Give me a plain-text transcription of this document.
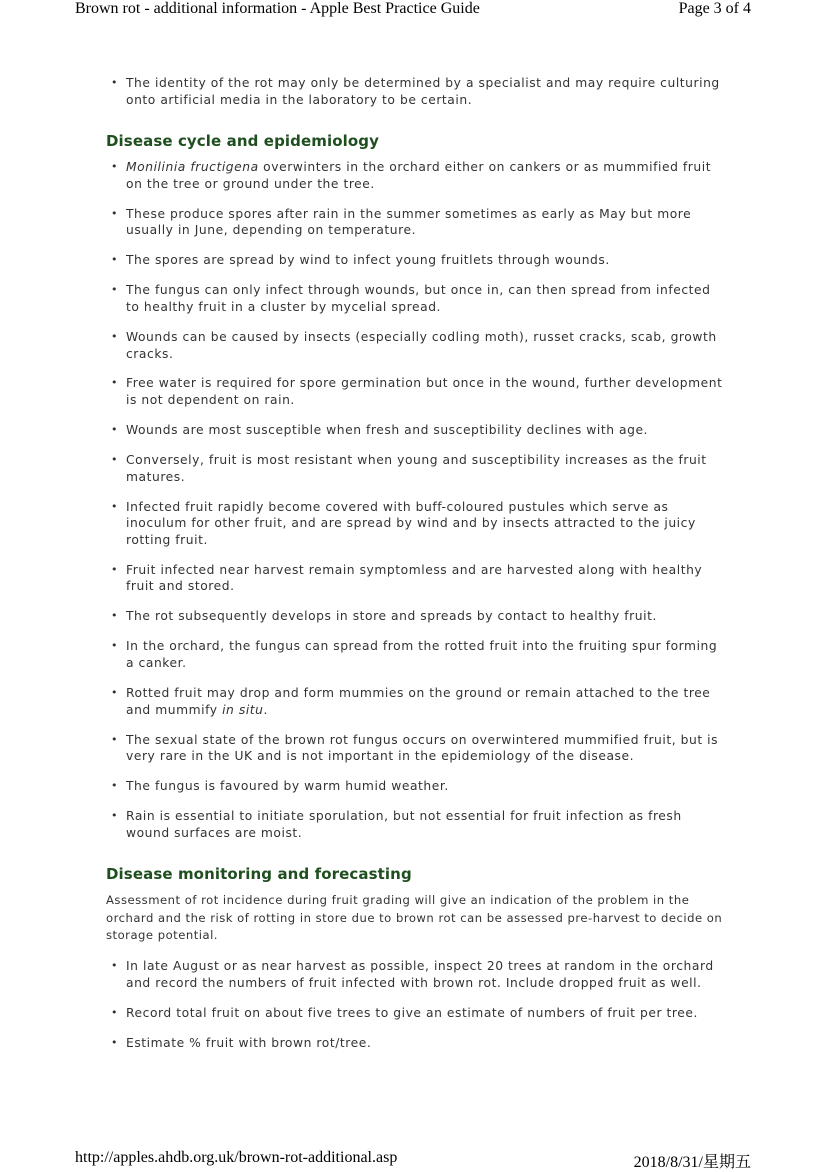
Brown rot - additional information - Apple Best Practice Guide	Page 3 of 4
• The identity of the rot may only be determined by a specialist and may require culturing onto artificial media in the laboratory to be certain.
Disease cycle and epidemiology
• Monilinia fructigena overwinters in the orchard either on cankers or as mummified fruit on the tree or ground under the tree.
• These produce spores after rain in the summer sometimes as early as May but more usually in June, depending on temperature.
• The spores are spread by wind to infect young fruitlets through wounds.
• The fungus can only infect through wounds, but once in, can then spread from infected to healthy fruit in a cluster by mycelial spread.
• Wounds can be caused by insects (especially codling moth), russet cracks, scab, growth cracks.
• Free water is required for spore germination but once in the wound, further development is not dependent on rain.
• Wounds are most susceptible when fresh and susceptibility declines with age.
• Conversely, fruit is most resistant when young and susceptibility increases as the fruit matures.
• Infected fruit rapidly become covered with buff-coloured pustules which serve as inoculum for other fruit, and are spread by wind and by insects attracted to the juicy rotting fruit.
• Fruit infected near harvest remain symptomless and are harvested along with healthy fruit and stored.
• The rot subsequently develops in store and spreads by contact to healthy fruit.
• In the orchard, the fungus can spread from the rotted fruit into the fruiting spur forming a canker.
• Rotted fruit may drop and form mummies on the ground or remain attached to the tree and mummify in situ.
• The sexual state of the brown rot fungus occurs on overwintered mummified fruit, but is very rare in the UK and is not important in the epidemiology of the disease.
• The fungus is favoured by warm humid weather.
• Rain is essential to initiate sporulation, but not essential for fruit infection as fresh wound surfaces are moist.
Disease monitoring and forecasting

Assessment of rot incidence during fruit grading will give an indication of the problem in the orchard and the risk of rotting in store due to brown rot can be assessed pre-harvest to decide on storage potential.

• In late August or as near harvest as possible, inspect 20 trees at random in the orchard and record the numbers of fruit infected with brown rot. Include dropped fruit as well.
• Record total fruit on about five trees to give an estimate of numbers of fruit per tree.
• Estimate % fruit with brown rot/tree.
http://apples.ahdb.org.uk/brown-rot-additional.asp	2018/8/31/星期五
